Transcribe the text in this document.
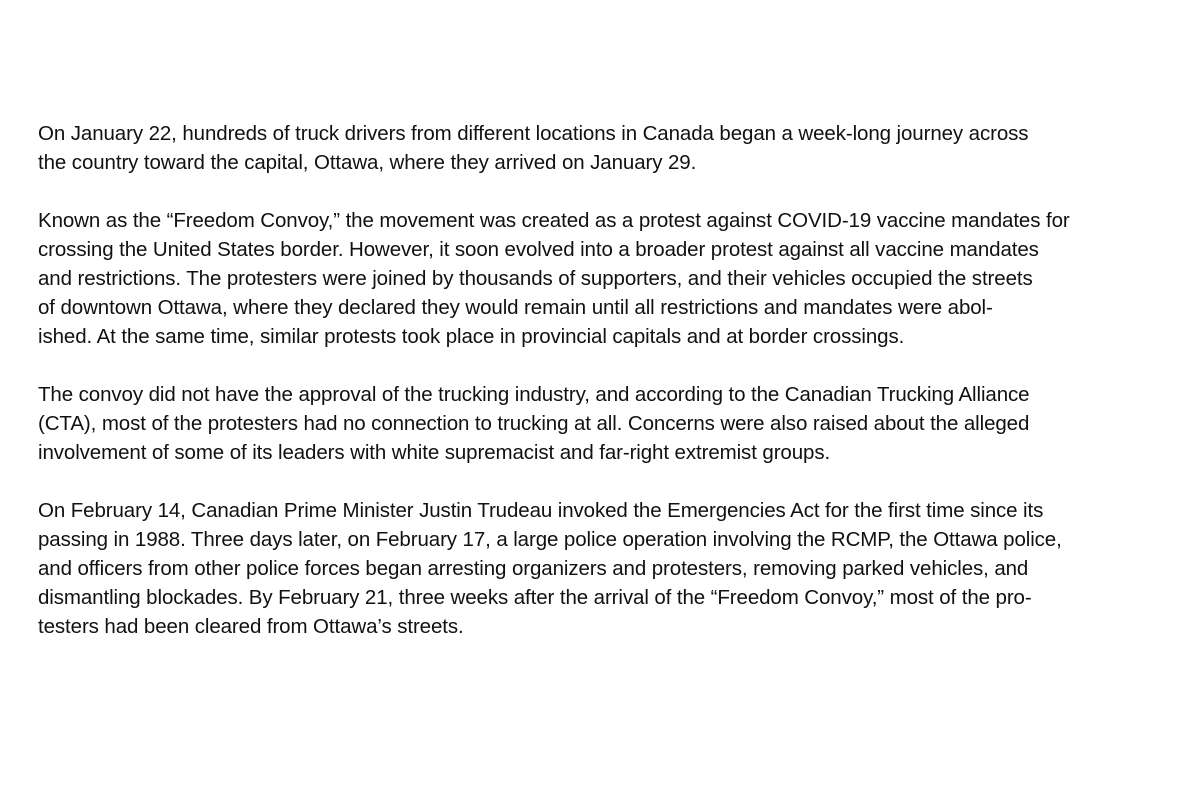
On January 22, hundreds of truck drivers from different locations in Canada began a week-long journey across
the country toward the capital, Ottawa, where they arrived on January 29.

Known as the “Freedom Convoy,” the movement was created as a protest against COVID-19 vaccine mandates for
crossing the United States border. However, it soon evolved into a broader protest against all vaccine mandates
and restrictions. The protesters were joined by thousands of supporters, and their vehicles occupied the streets
of downtown Ottawa, where they declared they would remain until all restrictions and mandates were abol-
ished. At the same time, similar protests took place in provincial capitals and at border crossings.

The convoy did not have the approval of the trucking industry, and according to the Canadian Trucking Alliance
(CTA), most of the protesters had no connection to trucking at all. Concerns were also raised about the alleged
involvement of some of its leaders with white supremacist and far-right extremist groups.

On February 14, Canadian Prime Minister Justin Trudeau invoked the Emergencies Act for the first time since its
passing in 1988. Three days later, on February 17, a large police operation involving the RCMP, the Ottawa police,
and officers from other police forces began arresting organizers and protesters, removing parked vehicles, and
dismantling blockades. By February 21, three weeks after the arrival of the “Freedom Convoy,” most of the pro-
testers had been cleared from Ottawa’s streets.
